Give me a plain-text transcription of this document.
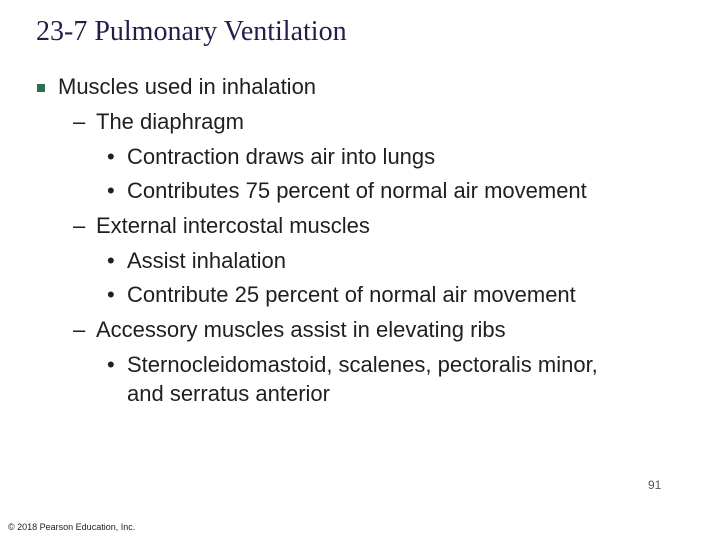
23-7 Pulmonary Ventilation
Muscles used in inhalation
– The diaphragm
• Contraction draws air into lungs
• Contributes 75 percent of normal air movement
– External intercostal muscles
• Assist inhalation
• Contribute 25 percent of normal air movement
– Accessory muscles assist in elevating ribs
• Sternocleidomastoid, scalenes, pectoralis minor,
and serratus anterior
91
© 2018 Pearson Education, Inc.
